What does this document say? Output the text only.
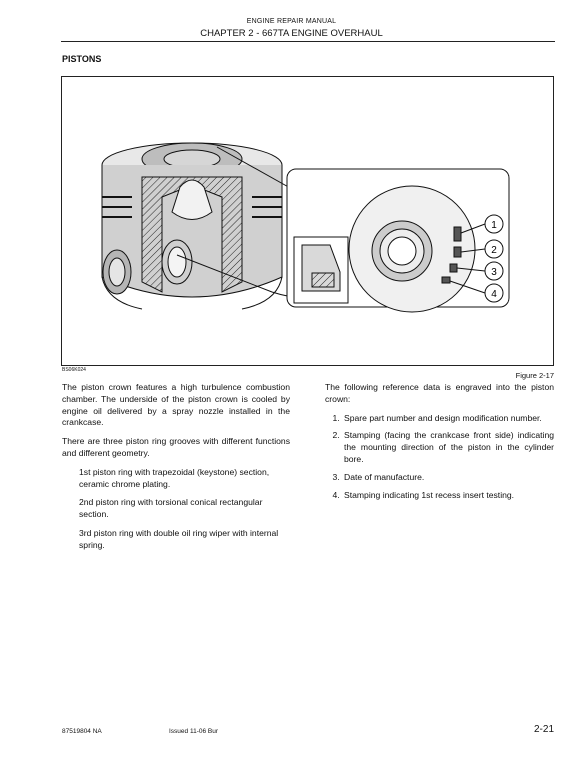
ENGINE REPAIR MANUAL
CHAPTER 2 - 667TA ENGINE OVERHAUL
PISTONS
1
2
3
4
BS06K024
Figure 2-17

The piston crown features a high turbulence combustion chamber. The underside of the piston crown is cooled by engine oil delivered by a spray nozzle installed in the crankcase.

There are three piston ring grooves with different functions and different geometry.

1st piston ring with trapezoidal (keystone) section, ceramic chrome plating.

2nd piston ring with torsional conical rectangular section.

3rd piston ring with double oil ring wiper with internal spring.

The following reference data is engraved into the piston crown:

1. Spare part number and design modification number.
2. Stamping (facing the crankcase front side) indicating the mounting direction of the piston in the cylinder bore.
3. Date of manufacture.
4. Stamping indicating 1st recess insert testing.
87519804 NA	Issued 11-06 Bur	2-21
